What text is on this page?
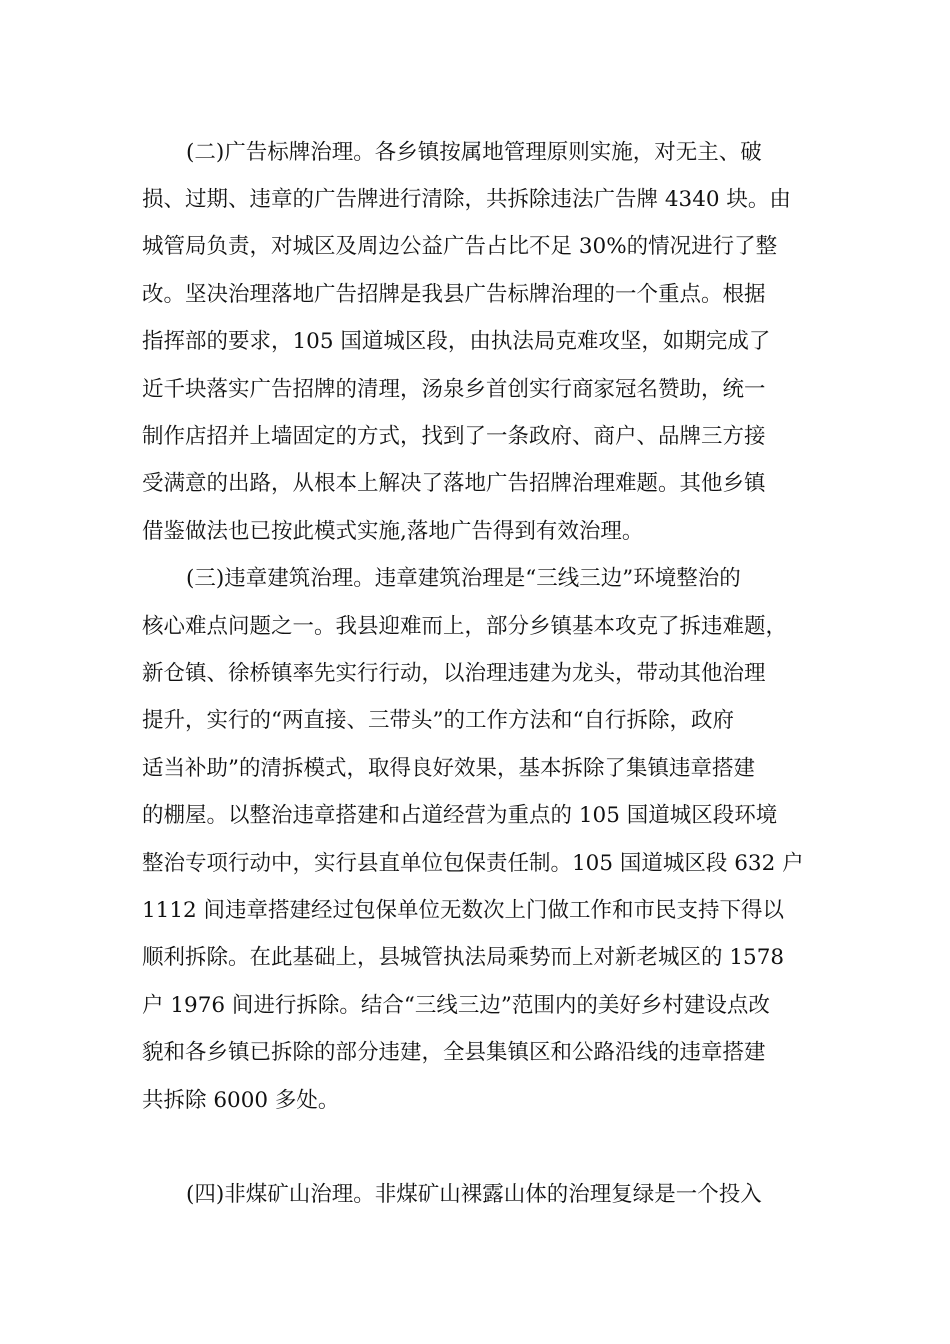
(二)广告标牌治理。各乡镇按属地管理原则实施，对无主、破
损、过期、违章的广告牌进行清除，共拆除违法广告牌 4340 块。由
城管局负责，对城区及周边公益广告占比不足 30%的情况进行了整
改。坚决治理落地广告招牌是我县广告标牌治理的一个重点。根据
指挥部的要求，105 国道城区段，由执法局克难攻坚，如期完成了
近千块落实广告招牌的清理，汤泉乡首创实行商家冠名赞助，统一
制作店招并上墙固定的方式，找到了一条政府、商户、品牌三方接
受满意的出路，从根本上解决了落地广告招牌治理难题。其他乡镇
借鉴做法也已按此模式实施,落地广告得到有效治理。
(三)违章建筑治理。违章建筑治理是“三线三边”环境整治的
核心难点问题之一。我县迎难而上，部分乡镇基本攻克了拆违难题，
新仓镇、徐桥镇率先实行行动，以治理违建为龙头，带动其他治理
提升，实行的“两直接、三带头”的工作方法和“自行拆除，政府
适当补助”的清拆模式，取得良好效果，基本拆除了集镇违章搭建
的棚屋。以整治违章搭建和占道经营为重点的 105 国道城区段环境
整治专项行动中，实行县直单位包保责任制。105 国道城区段 632 户
1112 间违章搭建经过包保单位无数次上门做工作和市民支持下得以
顺利拆除。在此基础上，县城管执法局乘势而上对新老城区的 1578
户 1976 间进行拆除。结合“三线三边”范围内的美好乡村建设点改
貌和各乡镇已拆除的部分违建，全县集镇区和公路沿线的违章搭建
共拆除 6000 多处。
(四)非煤矿山治理。非煤矿山裸露山体的治理复绿是一个投入
